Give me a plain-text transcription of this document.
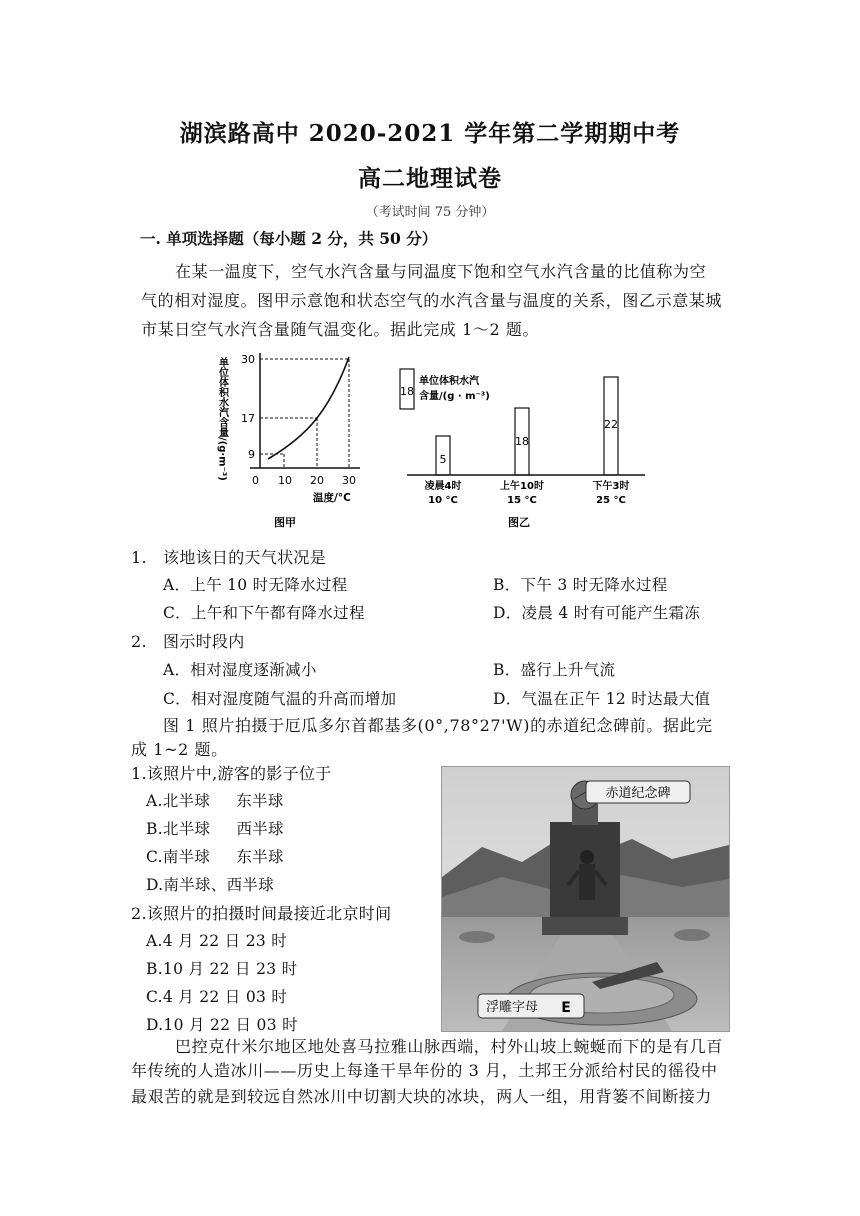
湖滨路高中 2020-2021 学年第二学期期中考
高二地理试卷
（考试时间 75 分钟）
一. 单项选择题（每小题 2 分，共 50 分）
在某一温度下，空气水汽含量与同温度下饱和空气水汽含量的比值称为空
气的相对湿度。图甲示意饱和状态空气的水汽含量与温度的关系，图乙示意某城
市某日空气水汽含量随气温变化。据此完成 1～2 题。
单位体积水汽含量/(g·m⁻³) 30
17
9
0 10 20 30
温度/°C
图甲
18
单位体积水汽
含量/(g · m⁻³)
5
18
22
凌晨4时
10 °C
上午10时
15 °C
下午3时
25 °C
图乙
1.   该地该日的天气状况是
A．上午 10 时无降水过程	B．下午 3 时无降水过程
C．上午和下午都有降水过程	D．凌晨 4 时有可能产生霜冻
2.   图示时段内
A．相对湿度逐渐减小	B．盛行上升气流
C．相对湿度随气温的升高而增加	D．气温在正午 12 时达最大值
图 1 照片拍摄于厄瓜多尔首都基多(0°,78°27'W)的赤道纪念碑前。据此完
成 1~2 题。
1.该照片中,游客的影子位于
A.北半球     东半球
B.北半球     西半球
C.南半球     东半球
D.南半球、西半球
2.该照片的拍摄时间最接近北京时间
A.4 月 22 日 23 时
B.10 月 22 日 23 时
C.4 月 22 日 03 时
D.10 月 22 日 03 时
赤道纪念碑
浮雕字母 E
巴控克什米尔地区地处喜马拉雅山脉西端，村外山坡上蜿蜒而下的是有几百
年传统的人造冰川——历史上每逢干旱年份的 3 月，土邦王分派给村民的徭役中
最艰苦的就是到较远自然冰川中切割大块的冰块，两人一组，用背篓不间断接力
